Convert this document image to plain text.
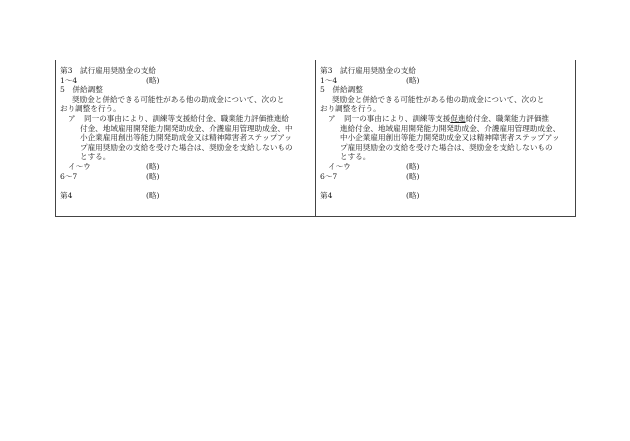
第3　試行雇用奨励金の支給
1～4	(略)
5　併給調整
奨励金と併給できる可能性がある他の助成金について、次のと
おり調整を行う。
ア	同一の事由により、訓練等支援給付金、職業能力評価推進給
付金、地域雇用開発能力開発助成金、介護雇用管理助成金、中
小企業雇用創出等能力開発助成金又は精神障害者ステップアッ
プ雇用奨励金の支給を受けた場合は、奨励金を支給しないもの
とする。
イ～ウ	(略)
6～7	(略)
第4	(略)
第3　試行雇用奨励金の支給
1～4	(略)
5　併給調整
奨励金と併給できる可能性がある他の助成金について、次のと
おり調整を行う。
ア	同一の事由により、訓練等支援促進給付金、職業能力評価推
進給付金、地域雇用開発能力開発助成金、介護雇用管理助成金、
中小企業雇用創出等能力開発助成金又は精神障害者ステップアッ
プ雇用奨励金の支給を受けた場合は、奨励金を支給しないもの
とする。
イ～ウ	(略)
6～7	(略)
第4	(略)
